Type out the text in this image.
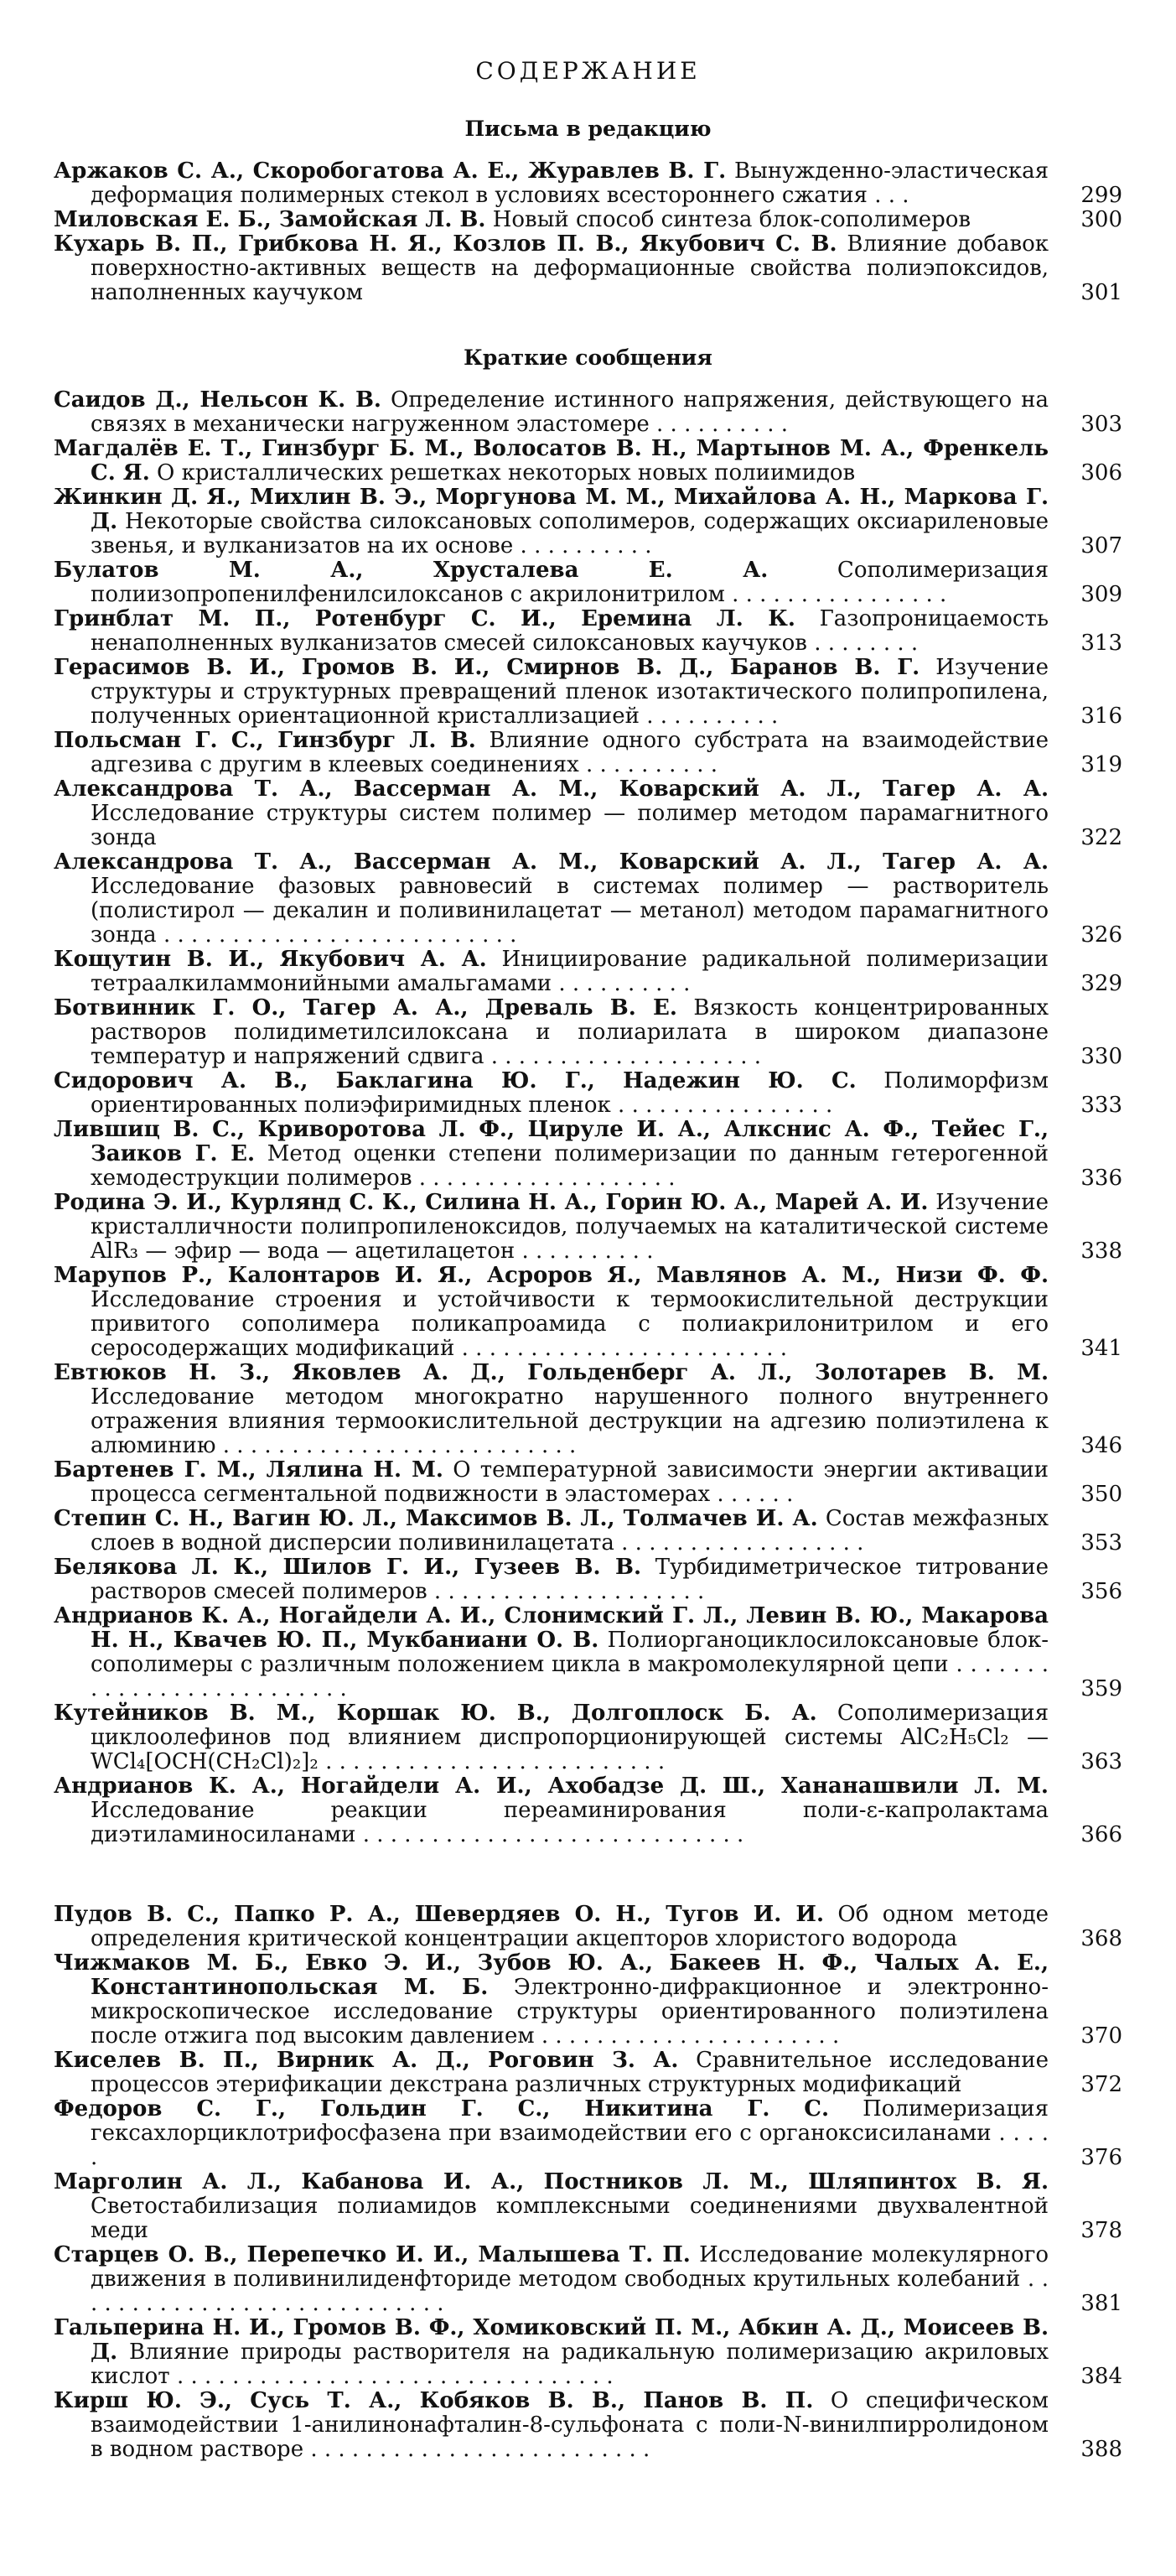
СОДЕРЖАНИЕ
Письма в редакцию
Аржаков С. А., Скоробогатова А. Е., Журавлев В. Г. Вынужденно-эластическая деформация полимерных стекол в условиях всестороннего сжатия . . .	299
Миловская Е. Б., Замойская Л. В. Новый способ синтеза блок-сополимеров	300
Кухарь В. П., Грибкова Н. Я., Козлов П. В., Якубович С. В. Влияние добавок поверхностно-активных веществ на деформационные свойства полиэпоксидов, наполненных каучуком	301
Краткие сообщения
Саидов Д., Нельсон К. В. Определение истинного напряжения, действующего на связях в механически нагруженном эластомере . . . . . . . . . .	303
Магдалёв Е. Т., Гинзбург Б. М., Волосатов В. Н., Мартынов М. А., Френкель С. Я. О кристаллических решетках некоторых новых полиимидов	306
Жинкин Д. Я., Михлин В. Э., Моргунова М. М., Михайлова А. Н., Маркова Г. Д. Некоторые свойства силоксановых сополимеров, содержащих оксиариленовые звенья, и вулканизатов на их основе . . . . . . . . . .	307
Булатов М. А., Хрусталева Е. А.	Сополимеризация полиизопропенилфенилсилоксанов с акрилонитрилом . . . . . . . . . . . . . . . .	309
Гринблат М. П., Ротенбург С. И., Еремина Л. К. Газопроницаемость ненаполненных вулканизатов смесей силоксановых каучуков . . . . . . . .	313
Герасимов В. И., Громов В. И., Смирнов В. Д., Баранов В. Г. Изучение структуры и структурных превращений пленок изотактического полипропилена, полученных ориентационной кристаллизацией . . . . . . . . . .	316
Польсман Г. С., Гинзбург Л. В. Влияние одного субстрата на взаимодействие адгезива с другим в клеевых соединениях . . . . . . . . . .	319
Александрова Т. А., Вассерман А. М., Коварский А. Л., Тагер А. А. Исследование структуры систем полимер — полимер методом парамагнитного зонда	322
Александрова Т. А., Вассерман А. М., Коварский А. Л., Тагер А. А. Исследование фазовых равновесий в системах полимер — растворитель (полистирол — декалин и поливинилацетат — метанол) методом парамагнитного зонда . . . . . . . . . . . . . . . . . . . . . . . . . .	326
Кощутин В. И., Якубович А. А. Инициирование радикальной полимеризации тетраалкиламмонийными амальгамами . . . . . . . . . .	329
Ботвинник Г. О., Тагер А. А., Древаль В. Е. Вязкость концентрированных растворов полидиметилсилоксана и полиарилата в широком диапазоне температур и напряжений сдвига . . . . . . . . . . . . . . . . . . . .	330
Сидорович А. В., Баклагина Ю. Г., Надежин Ю. С. Полиморфизм ориентированных полиэфиримидных пленок . . . . . . . . . . . . . . . .	333
Лившиц В. С., Криворотова Л. Ф., Циpуле И. А., Алкснис А. Ф., Тейес Г., Заиков Г. Е. Метод оценки степени полимеризации по данным гетерогенной хемодеструкции полимеров . . . . . . . . . . . . . . . . . . .	336
Родина Э. И., Курлянд С. К., Силина Н. А., Горин Ю. А., Марей А. И. Изучение кристалличности полипропиленоксидов, получаемых на каталитической системе AlR₃ — эфир — вода — ацетилацетон . . . . . . . . . .	338
Марупов Р., Калонтаров И. Я., Асроров Я., Мавлянов А. М., Низи Ф. Ф. Исследование строения и устойчивости к термоокислительной деструкции привитого сополимера поликапроамида с полиакрилонитрилом и его серосодержащих модификаций . . . . . . . . . . . . . . . . . . . . . . . .	341
Евтюков Н. З., Яковлев А. Д., Гольденберг А. Л., Золотарев В. М. Исследование методом многократно нарушенного полного внутреннего отражения влияния термоокислительной деструкции на адгезию полиэтилена к алюминию . . . . . . . . . . . . . . . . . . . . . . . . . .	346
Бартенев Г. М., Лялина Н. М. О температурной зависимости энергии активации процесса сегментальной подвижности в эластомерах . . . . . .	350
Степин С. Н., Вагин Ю. Л., Максимов В. Л., Толмачев И. А. Состав межфазных слоев в водной дисперсии поливинилацетата . . . . . . . . . . . . . . . . . .	353
Белякова Л. К., Шилов Г. И., Гузеев В. В. Турбидиметрическое титрование растворов смесей полимеров . . . . . . . . . . . . . . . . . . . .	356
Андрианов К. А., Ногайдели А. И., Слонимский Г. Л., Левин В. Ю., Макарова Н. Н., Квачев Ю. П., Мукбаниани О. В. Полиорганоциклосилоксановые блок-сополимеры с различным положением цикла в макромолекулярной цепи . . . . . . . . . . . . . . . . . . . . . . . . . .	359
Кутейников В. М., Коршак Ю. В., Долгоплоск Б. А. Сополимеризация циклоолефинов под влиянием диспропорционирующей системы AlC₂H₅Cl₂ — WCl₄[OCH(CH₂Cl)₂]₂ . . . . . . . . . . . . . . . . . . . . . . . . .	363
Андрианов К. А., Ногайдели А. И., Ахобадзе Д. Ш., Хананашвили Л. М. Исследование реакции переаминирования поли-ε-капролактама диэтиламиносиланами . . . . . . . . . . . . . . . . . . . . . . . . . . . .	366
Пудов В. С., Папко Р. А., Шевердяев О. Н., Тугов И. И. Об одном методе определения критической концентрации акцепторов хлористого водорода	368
Чижмаков М. Б., Евко Э. И., Зубов Ю. А., Бакеев Н. Ф., Чалых А. Е., Константинопольская М. Б. Электронно-дифракционное и электронно-микроскопическое исследование структуры ориентированного полиэтилена после отжига под высоким давлением . . . . . . . . . . . . . . . . . . . . . .	370
Киселев В. П., Вирник А. Д., Роговин З. А. Сравнительное исследование процессов этерификации декстрана различных структурных модификаций	372
Федоров С. Г., Гольдин Г. С., Никитина Г. С. Полимеризация гексахлорциклотрифосфазена при взаимодействии его с органоксисиланами . . . . .	376
Марголин А. Л., Кабанова И. А., Постников Л. М., Шляпинтох В. Я. Светостабилизация полиамидов комплексными соединениями двухвалентной меди	378
Старцев О. В., Перепечко И. И., Малышева Т. П. Исследование молекулярного движения в поливинилиденфториде методом свободных крутильных колебаний . . . . . . . . . . . . . . . . . . . . . . . . . . . .	381
Гальперина Н. И., Громов В. Ф., Хомиковский П. М., Абкин А. Д., Моисеев В. Д. Влияние природы растворителя на радикальную полимеризацию акриловых кислот . . . . . . . . . . . . . . . . . . . . . . . . . . . . . . . .	384
Кирш Ю. Э., Сусь Т. А., Кобяков В. В., Панов В. П. О специфическом взаимодействии 1-анилинонафталин-8-сульфоната с поли-N-винилпирролидоном в водном растворе . . . . . . . . . . . . . . . . . . . . . . . . .	388
